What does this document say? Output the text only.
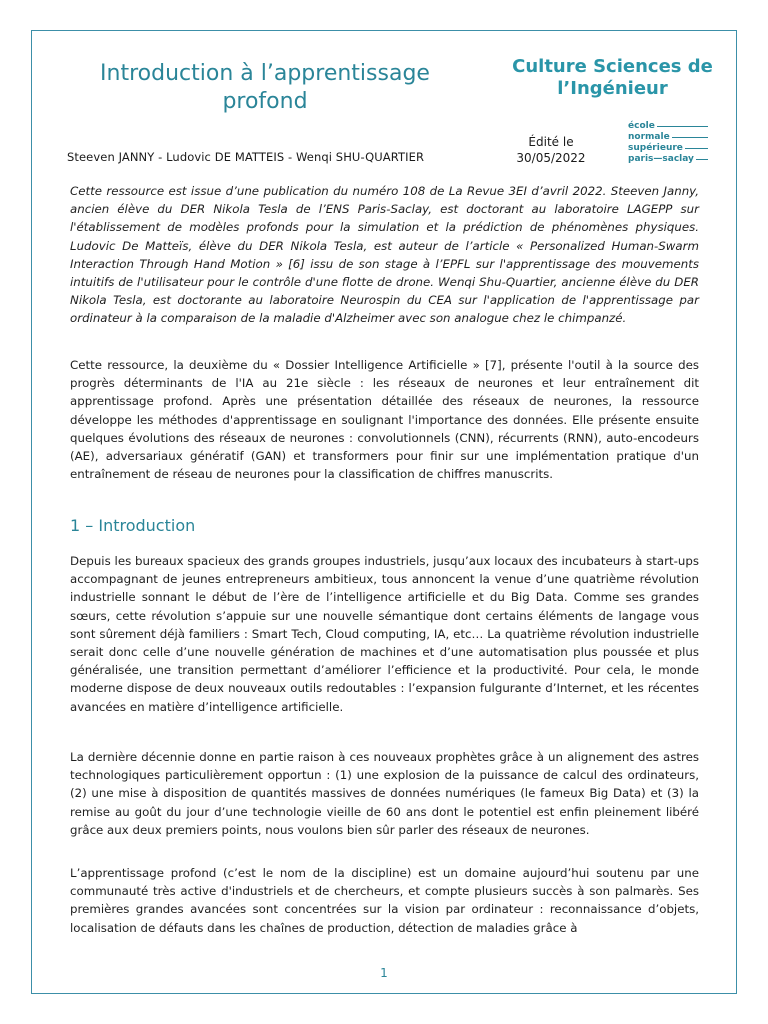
Introduction à l’apprentissage profond
Steeven JANNY - Ludovic DE MATTEIS - Wenqi SHU-QUARTIER
Culture Sciences de l’Ingénieur
Édité le
30/05/2022
école
normale
supérieure
paris—saclay

Cette ressource est issue d’une publication du numéro 108 de La Revue 3EI d’avril 2022. Steeven Janny, ancien élève du DER Nikola Tesla de l’ENS Paris-Saclay, est doctorant au laboratoire LAGEPP sur l'établissement de modèles profonds pour la simulation et la prédiction de phénomènes physiques. Ludovic De Matteïs, élève du DER Nikola Tesla, est auteur de l’article « Personalized Human-Swarm Interaction Through Hand Motion » [6] issu de son stage à l’EPFL sur l'apprentissage des mouvements intuitifs de l'utilisateur pour le contrôle d'une flotte de drone. Wenqi Shu-Quartier, ancienne élève du DER Nikola Tesla, est doctorante au laboratoire Neurospin du CEA sur l'application de l'apprentissage par ordinateur à la comparaison de la maladie d'Alzheimer avec son analogue chez le chimpanzé.

Cette ressource, la deuxième du « Dossier Intelligence Artificielle » [7], présente l'outil à la source des progrès déterminants de l'IA au 21e siècle : les réseaux de neurones et leur entraînement dit apprentissage profond. Après une présentation détaillée des réseaux de neurones, la ressource développe les méthodes d'apprentissage en soulignant l'importance des données. Elle présente ensuite quelques évolutions des réseaux de neurones : convolutionnels (CNN), récurrents (RNN), auto-encodeurs (AE), adversariaux génératif (GAN) et transformers pour finir sur une implémentation pratique d'un entraînement de réseau de neurones pour la classification de chiffres manuscrits.

1 – Introduction

Depuis les bureaux spacieux des grands groupes industriels, jusqu’aux locaux des incubateurs à start-ups accompagnant de jeunes entrepreneurs ambitieux, tous annoncent la venue d’une quatrième révolution industrielle sonnant le début de l’ère de l’intelligence artificielle et du Big Data. Comme ses grandes sœurs, cette révolution s’appuie sur une nouvelle sémantique dont certains éléments de langage vous sont sûrement déjà familiers : Smart Tech, Cloud computing, IA, etc… La quatrième révolution industrielle serait donc celle d’une nouvelle génération de machines et d’une automatisation plus poussée et plus généralisée, une transition permettant d’améliorer l’efficience et la productivité. Pour cela, le monde moderne dispose de deux nouveaux outils redoutables : l’expansion fulgurante d’Internet, et les récentes avancées en matière d’intelligence artificielle.

La dernière décennie donne en partie raison à ces nouveaux prophètes grâce à un alignement des astres technologiques particulièrement opportun : (1) une explosion de la puissance de calcul des ordinateurs, (2) une mise à disposition de quantités massives de données numériques (le fameux Big Data) et (3) la remise au goût du jour d’une technologie vieille de 60 ans dont le potentiel est enfin pleinement libéré grâce aux deux premiers points, nous voulons bien sûr parler des réseaux de neurones.

L’apprentissage profond (c’est le nom de la discipline) est un domaine aujourd’hui soutenu par une communauté très active d'industriels et de chercheurs, et compte plusieurs succès à son palmarès. Ses premières grandes avancées sont concentrées sur la vision par ordinateur : reconnaissance d’objets, localisation de défauts dans les chaînes de production, détection de maladies grâce à

1
